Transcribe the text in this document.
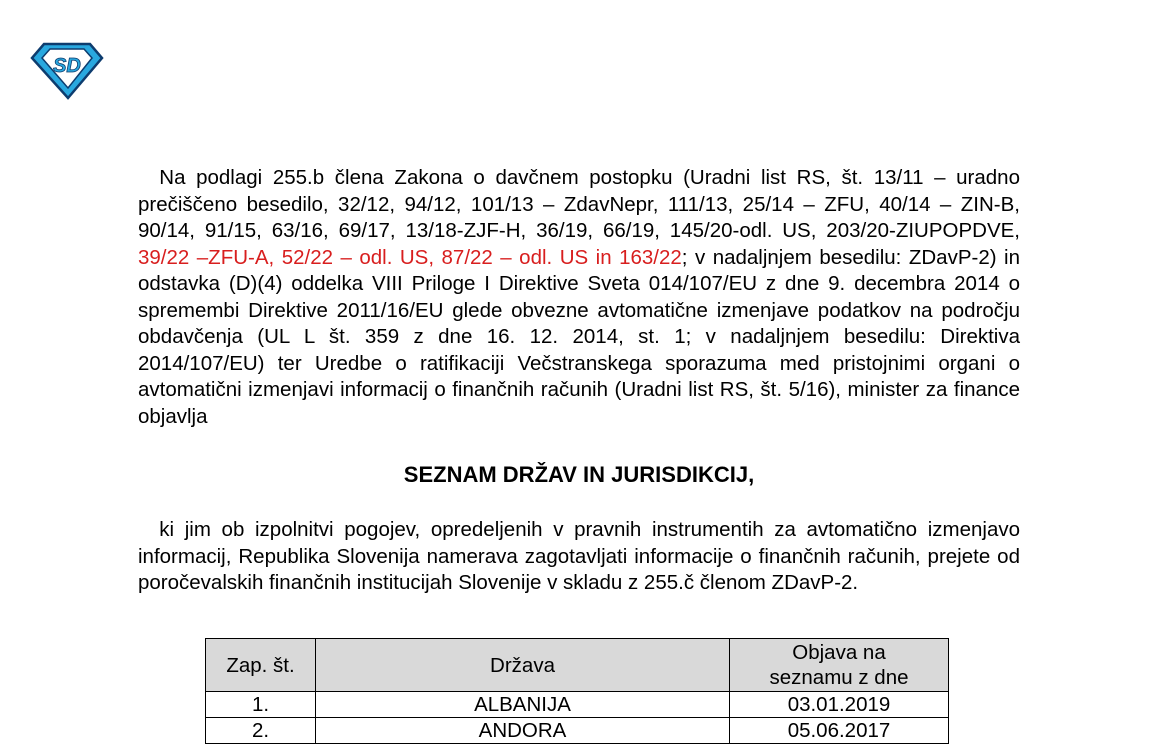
SD

Na podlagi 255.b člena Zakona o davčnem postopku (Uradni list RS, št. 13/11 – uradno prečiščeno besedilo, 32/12, 94/12, 101/13 – ZdavNepr, 111/13, 25/14 – ZFU, 40/14 – ZIN-B, 90/14, 91/15, 63/16, 69/17, 13/18-ZJF-H, 36/19, 66/19, 145/20-odl. US, 203/20-ZIUPOPDVE, 39/22 –ZFU-A, 52/22 – odl. US, 87/22 – odl. US in 163/22; v nadaljnjem besedilu: ZDavP-2) in odstavka (D)(4) oddelka VIII Priloge I Direktive Sveta 014/107/EU z dne 9. decembra 2014 o spremembi Direktive 2011/16/EU glede obvezne avtomatične izmenjave podatkov na področju obdavčenja (UL L št. 359 z dne 16. 12. 2014, st. 1; v nadaljnjem besedilu: Direktiva 2014/107/EU) ter Uredbe o ratifikaciji Večstranskega sporazuma med pristojnimi organi o avtomatični izmenjavi informacij o finančnih računih (Uradni list RS, št. 5/16), minister za finance objavlja

SEZNAM DRŽAV IN JURISDIKCIJ,

ki jim ob izpolnitvi pogojev, opredeljenih v pravnih instrumentih za avtomatično izmenjavo informacij, Republika Slovenija namerava zagotavljati informacije o finančnih računih, prejete od poročevalskih finančnih institucijah Slovenije v skladu z 255.č členom ZDavP-2.

Zap. št.	Država	Objava na seznamu z dne
1.	ALBANIJA	03.01.2019
2.	ANDORA	05.06.2017
